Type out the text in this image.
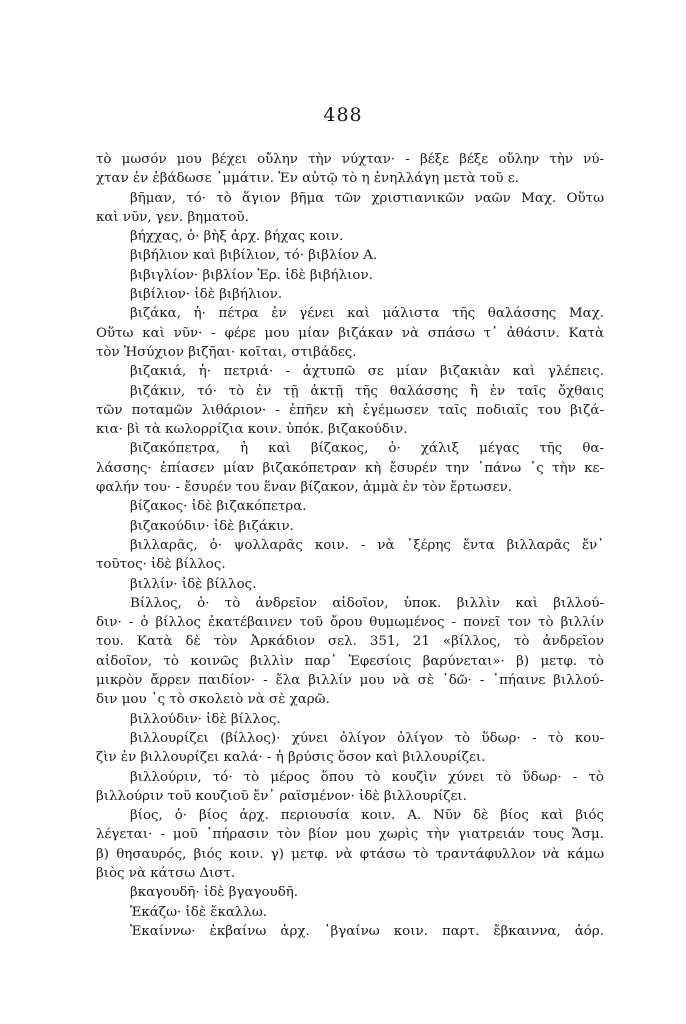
488
τὸ μωσόν μου βέχει οὔλην τὴν νύχταν· - βέξε βέξε οὔλην τὴν νύ-
χταν ἐν ἐβάδωσε ᾽μμάτιν. Ἐν αὐτῷ τὸ η ἐνηλλάγη μετὰ τοῦ ε.
βῆμαν, τό· τὸ ἅγιον βῆμα τῶν χριστιανικῶν ναῶν Μαχ. Οὕτω
καὶ νῦν, γεν. βηματοῦ.
βήχχας, ὁ· βὴξ ἀρχ. βήχας κοιν.
βιβήλιον καὶ βιβίλιον, τό· βιβλίον Α.
βιβιγλίον· βιβλίον Ἐρ. ἰδὲ βιβήλιον.
βιβίλιον· ἰδὲ βιβήλιον.
βιζάκα, ἡ· πέτρα ἐν γένει καὶ μάλιστα τῆς θαλάσσης Μαχ.
Οὕτω καὶ νῦν· - φέρε μου μίαν βιζάκαν νὰ σπάσω τ᾽ ἀθάσιν. Κατὰ
τὸν Ἡσύχιον βιζῆαι· κοῖται, στιβάδες.
βιζακιά, ἡ· πετριά· - ἀχτυπῶ σε μίαν βιζακιὰν καὶ γλέπεις.
βιζάκιν, τό· τὸ ἐν τῇ ἀκτῇ τῆς θαλάσσης ἢ ἐν ταῖς ὄχθαις
τῶν ποταμῶν λιθάριον· - ἐπῆεν κὴ ἐγέμωσεν ταῖς ποδιαῖς του βιζά-
κια· βὶ τὰ κωλορρίζια κοιν. ὑπόκ. βιζακούδιν.
βιζακόπετρα, ἡ καὶ βίζακος, ὁ· χάλιξ μέγας τῆς θα-
λάσσης· ἐπίασεν μίαν βιζακόπετραν κὴ ἔσυρέν την ᾽πάνω ᾽ς τὴν κε-
φαλήν του· - ἔσυρέν του ἕναν βίζακον, ἀμμὰ ἐν τὸν ἔρτωσεν.
βίζακος· ἰδὲ βιζακόπετρα.
βιζακούδιν· ἰδὲ βιζάκιν.
βιλλαρᾶς, ὁ· ψολλαρᾶς κοιν. - νὰ ᾽ξέρης ἔντα βιλλαρᾶς ἔν᾽
τοῦτος· ἰδὲ βίλλος.
βιλλίν· ἰδὲ βίλλος.
Βίλλος, ὁ· τὸ ἀνδρεῖον αἰδοῖον, ὑποκ. βιλλὶν καὶ βιλλού-
διν· - ὁ βίλλος ἐκατέβαινεν τοῦ ὄρου θυμωμένος - πονεῖ τον τὸ βιλλίν
του. Κατὰ δὲ τὸν Ἀρκάδιον σελ. 351, 21 «βίλλος, τὸ ἀνδρεῖον
αἰδοῖον, τὸ κοινῶς βιλλὶν παρ᾽ Ἐφεσίοις βαρύνεται»· β) μετφ. τὸ
μικρὸν ἄρρεν παιδίον· - ἔλα βιλλίν μου νὰ σὲ ᾽δῶ· - ᾽πήαινε βιλλού-
διν μου ᾽ς τὸ σκολειὸ νὰ σὲ χαρῶ.
βιλλούδιν· ἰδὲ βίλλος.
βιλλουρίζει (βίλλος)· χύνει ὀλίγον ὀλίγον τὸ ὕδωρ· - τὸ κου-
ζὶν ἐν βιλλουρίζει καλά· - ἡ βρύσις ὅσον καὶ βιλλουρίζει.
βιλλούριν, τό· τὸ μέρος ὅπου τὸ κουζὶν χύνει τὸ ὕδωρ· - τὸ
βιλλούριν τοῦ κουζιοῦ ἔν᾽ ραϊσμένον· ἰδὲ βιλλουρίζει.
βίος, ὁ· βίος ἀρχ. περιουσία κοιν. Α. Νῦν δὲ βίος καὶ βιός
λέγεται· - μοῦ ᾽πήρασιν τὸν βίον μου χωρὶς τὴν γιατρειάν τους Ἄσμ.
β) θησαυρός, βιός κοιν. γ) μετφ. νὰ φτάσω τὸ τραντάφυλλον νὰ κάμω
βιὸς νὰ κάτσω Διστ.
βκαγουδῆ· ἰδὲ βγαγουδῆ.
Ἐκάζω· ἰδὲ ἔκαλλω.
Ἐκαίννω· ἐκβαίνω ἀρχ. ᾽βγαίνω κοιν. παρτ. ἔβκαιννα, ἀόρ.
